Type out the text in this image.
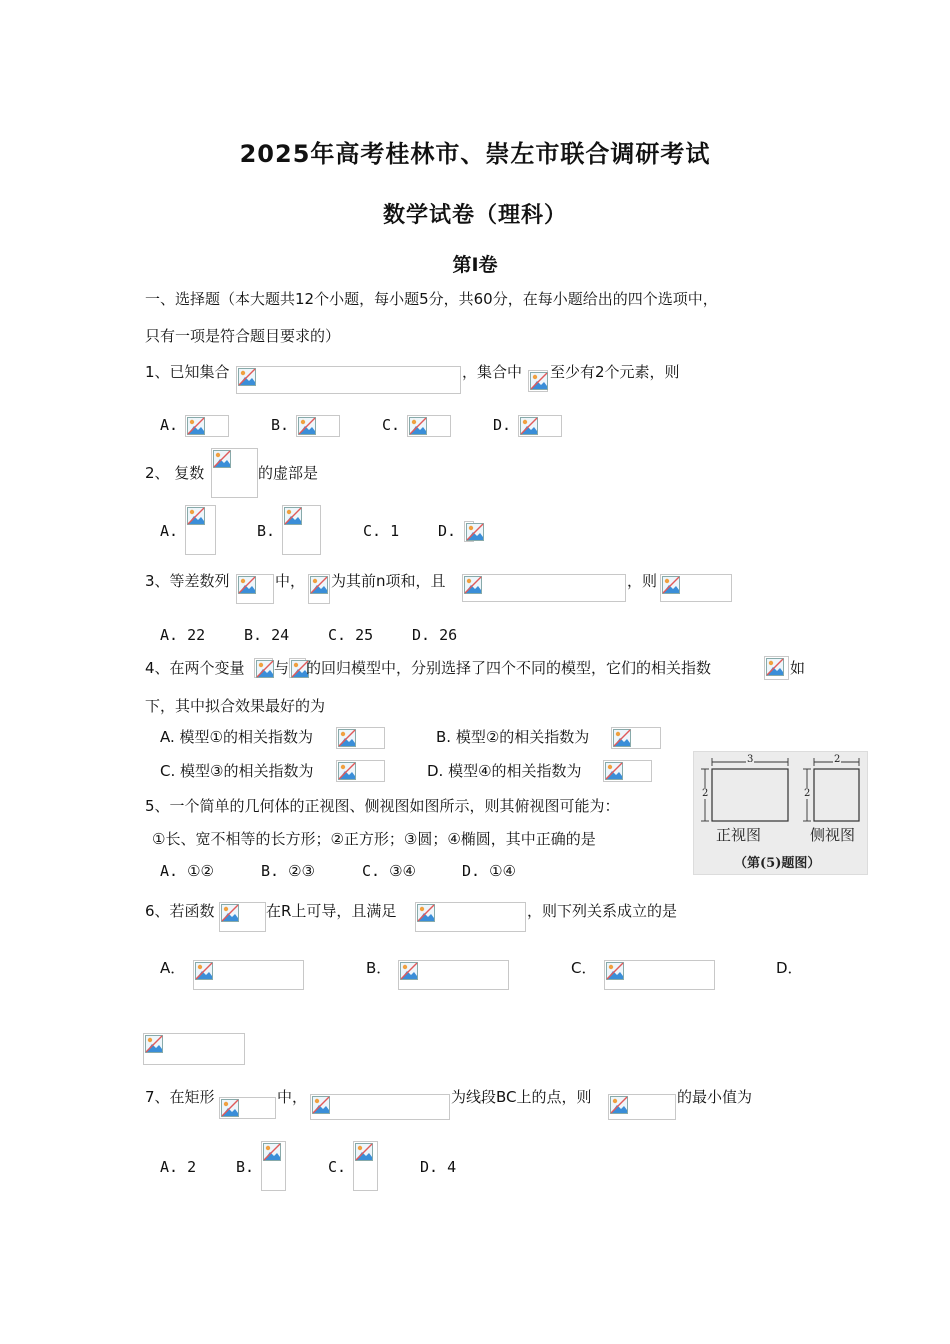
2025年高考桂林市、崇左市联合调研考试
数学试卷（理科）
第Ⅰ卷
一、选择题（本大题共12个小题，每小题5分，共60分，在每小题给出的四个选项中，
只有一项是符合题目要求的）
1、已知集合	，集合中 至少有2个元素，则
A.	B.	C.	D.
2、 复数	的虚部是
A.	B.	C. 1	D.
3、等差数列	中， 为其前n项和，且	，则
A. 22	B. 24	C. 25	D. 26
4、在两个变量 与 的回归模型中，分别选择了四个不同的模型，它们的相关指数	如
下，其中拟合效果最好的为
A. 模型①的相关指数为	B. 模型②的相关指数为
C. 模型③的相关指数为	D. 模型④的相关指数为
5、一个简单的几何体的正视图、侧视图如图所示，则其俯视图可能为：
①长、宽不相等的长方形；②正方形；③圆；④椭圆，其中正确的是
A. ①②	B. ②③	C. ③④	D. ①④
3
2
2
2
正视图	侧视图
（第(5)题图）
6、若函数	在R上可导，且满足	，则下列关系成立的是
A．	B．	C．	D．
7、在矩形	中，	为线段BC上的点，则	的最小值为
A. 2	B.	C.	D. 4
